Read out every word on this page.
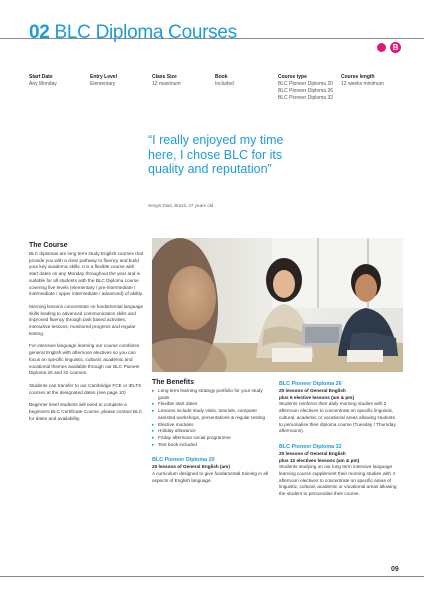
02 BLC Diploma Courses
B
Start Date
Any Monday
Entry Level
Elementary
Class Size
12 maximum
Book
Included
Course type
BLC Pioneer Diploma 20
BLC Pioneer Diploma 26
BLC Pioneer Diploma 32
Course length
12 weeks minimum
“I really enjoyed my time here, I chose BLC for its quality and reputation”
Sergio Dias, Brazil, 27 years old
The Course
BLC diplomas are long term study English courses that provide you with a clear pathway to fluency and build your key academic skills. It is a flexible course with start dates on any Monday throughout the year and is suitable for all students with the BLC Diploma course covering five levels (elementary / pre-intermediate / intermediate / upper intermediate / advanced) of ability.
Morning lessons concentrate on fundamental language skills leading to advanced communication skills and improved fluency through task based activities, interactive lessons, monitored progress and regular testing.
For intensive language learning our course combines general English with afternoon electives so you can focus on specific linguistic, cultural, academic and vocational themes available through our BLC Pioneer Diploma 26 and 32 courses.
Students can transfer to our Cambridge FCE or IELTS courses at the designated dates (see page 10)
Beginner level students will need to complete a beginners BLC Certificate Course, please contact BLC for dates and availability.
The Benefits
▸ Long term learning strategy portfolio for your study goals
▸ Flexible start dates
▸ Lessons include study visits, tutorials, computer assisted workshops, presentations & regular testing
▸ Elective modules
▸ Holiday allowance
▸ Friday afternoon social programme
▸ Text book included
BLC Pioneer Diploma 20
20 lessons of General English (am)
A curriculum designed to give fundamental training in all aspects of English language.
BLC Pioneer Diploma 26
20 lessons of General English
plus 6 elective lessons (am & pm)
Students reinforce their daily morning studies with 2 afternoon electives to concentrate on specific linguistic, cultural, academic or vocational areas allowing students to personalise their diploma course (Tuesday / Thursday afternoons).
BLC Pioneer Diploma 32
20 lessons of General English
plus 12 electives lessons (am & pm)
Students studying on our long term intensive language learning course supplement their morning studies with 4 afternoon electives to concentrate on specific areas of linguistic, cultural, academic or vocational areas allowing the student to personalise their course.
09
